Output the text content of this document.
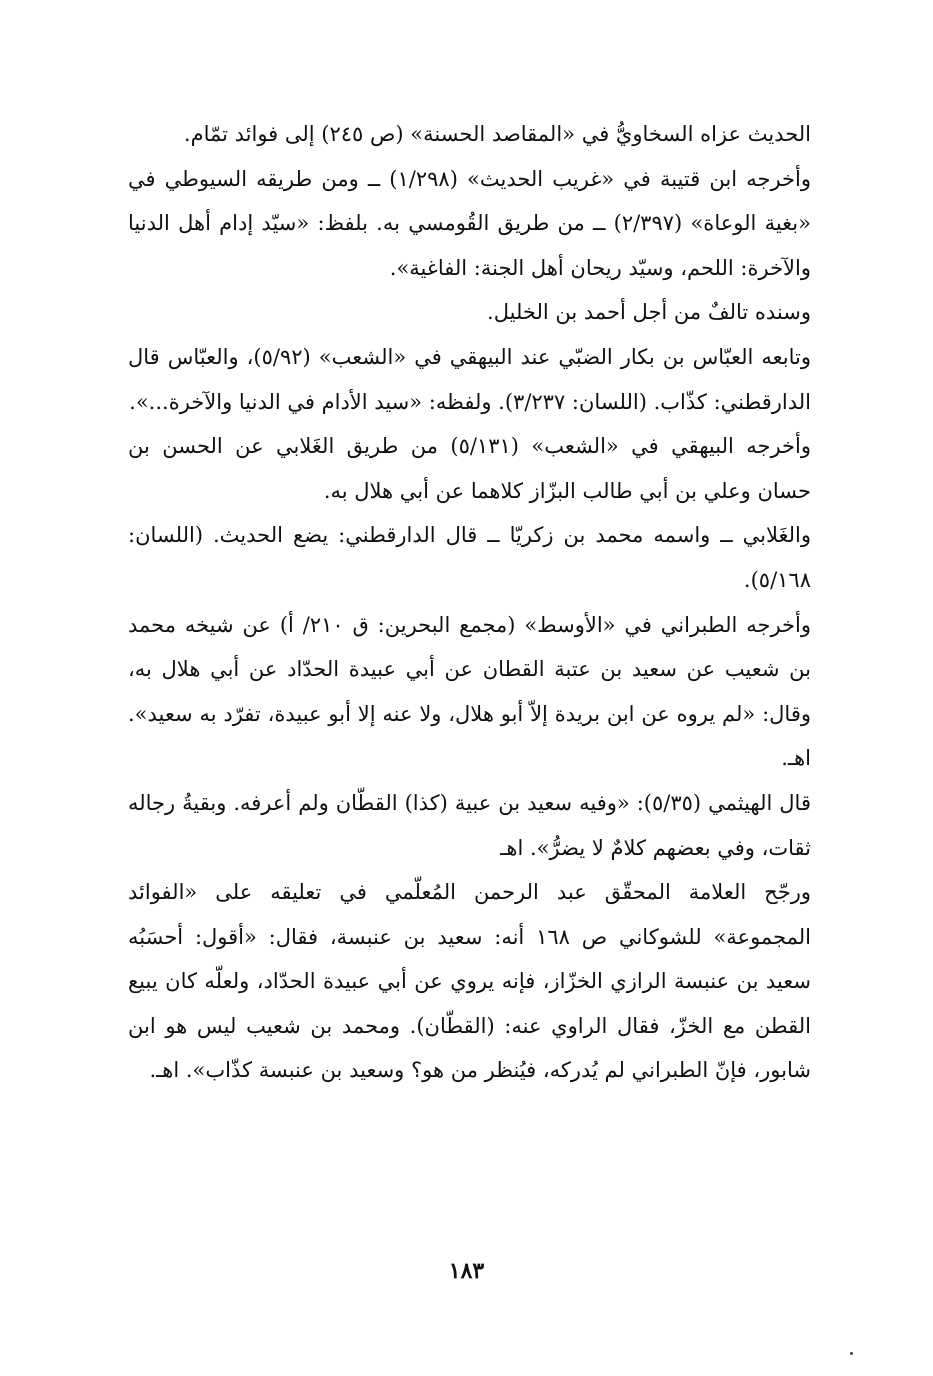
الحديث عزاه السخاويُّ في «المقاصد الحسنة» (ص ٢٤٥) إلى فوائد تمّام.

وأخرجه ابن قتيبة في «غريب الحديث» (١/٢٩٨) ــ ومن طريقه السيوطي في «بغية الوعاة» (٢/٣٩٧) ــ من طريق القُومسي به. بلفظ: «سيّد إدام أهل الدنيا والآخرة: اللحم، وسيّد ريحان أهل الجنة: الفاغية».

وسنده تالفٌ من أجل أحمد بن الخليل.

وتابعه العبّاس بن بكار الضبّي عند البيهقي في «الشعب» (٥/٩٢)، والعبّاس قال الدارقطني: كذّاب. (اللسان: ٣/٢٣٧). ولفظه: «سيد الأدام في الدنيا والآخرة...».

وأخرجه البيهقي في «الشعب» (٥/١٣١) من طريق الغَلابي عن الحسن بن حسان وعلي بن أبي طالب البزّاز كلاهما عن أبي هلال به.

والغَلابي ــ واسمه محمد بن زكريّا ــ قال الدارقطني: يضع الحديث. (اللسان: ٥/١٦٨).

وأخرجه الطبراني في «الأوسط» (مجمع البحرين: ق ٢١٠/ أ) عن شيخه محمد بن شعيب عن سعيد بن عتبة القطان عن أبي عبيدة الحدّاد عن أبي هلال به، وقال: «لم يروه عن ابن بريدة إلاّ أبو هلال، ولا عنه إلا أبو عبيدة، تفرّد به سعيد». اهـ.

قال الهيثمي (٥/٣٥): «وفيه سعيد بن عبية (كذا) القطّان ولم أعرفه. وبقيةُ رجاله ثقات، وفي بعضهم كلامٌ لا يضرُّ». اهـ

ورجّح العلامة المحقّق عبد الرحمن المُعلّمي في تعليقه على «الفوائد المجموعة» للشوكاني ص ١٦٨ أنه: سعيد بن عنبسة، فقال: «أقول: أحسَبُه سعيد بن عنبسة الرازي الخزّاز، فإنه يروي عن أبي عبيدة الحدّاد، ولعلّه كان يبيع القطن مع الخزّ، فقال الراوي عنه: (القطّان). ومحمد بن شعيب ليس هو ابن شابور، فإنّ الطبراني لم يُدركه، فيُنظر من هو؟ وسعيد بن عنبسة كذّاب». اهـ.

١٨٣
